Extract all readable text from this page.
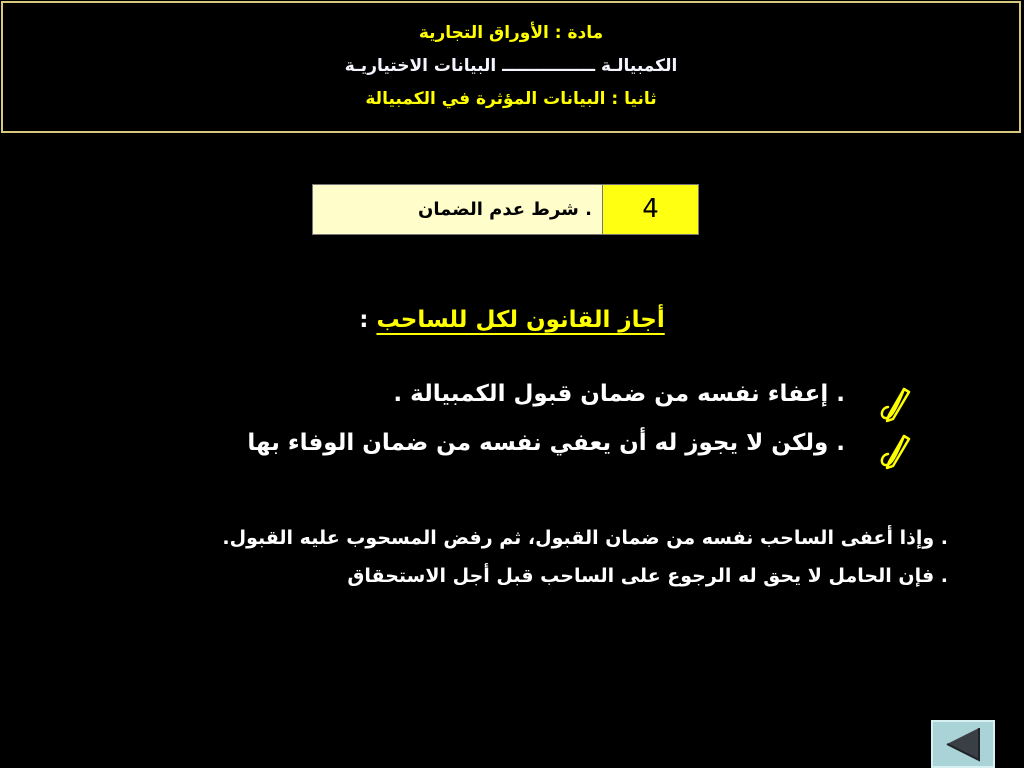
مادة : الأوراق التجارية
الكمبيالـة ــــــــــــــــ البيانات الاختياريـة
ثانيا : البيانات المؤثرة في الكمبيالة
. شرط عدم الضمان	4
أجاز القانون لكل للساحب :
. إعفاء نفسه من ضمان قبول الكمبيالة .
. ولكن لا يجوز له أن يعفي نفسه من ضمان الوفاء بها
. وإذا أعفى الساحب نفسه من ضمان القبول، ثم رفض المسحوب عليه القبول.
. فإن الحامل لا يحق له الرجوع على الساحب قبل أجل الاستحقاق
